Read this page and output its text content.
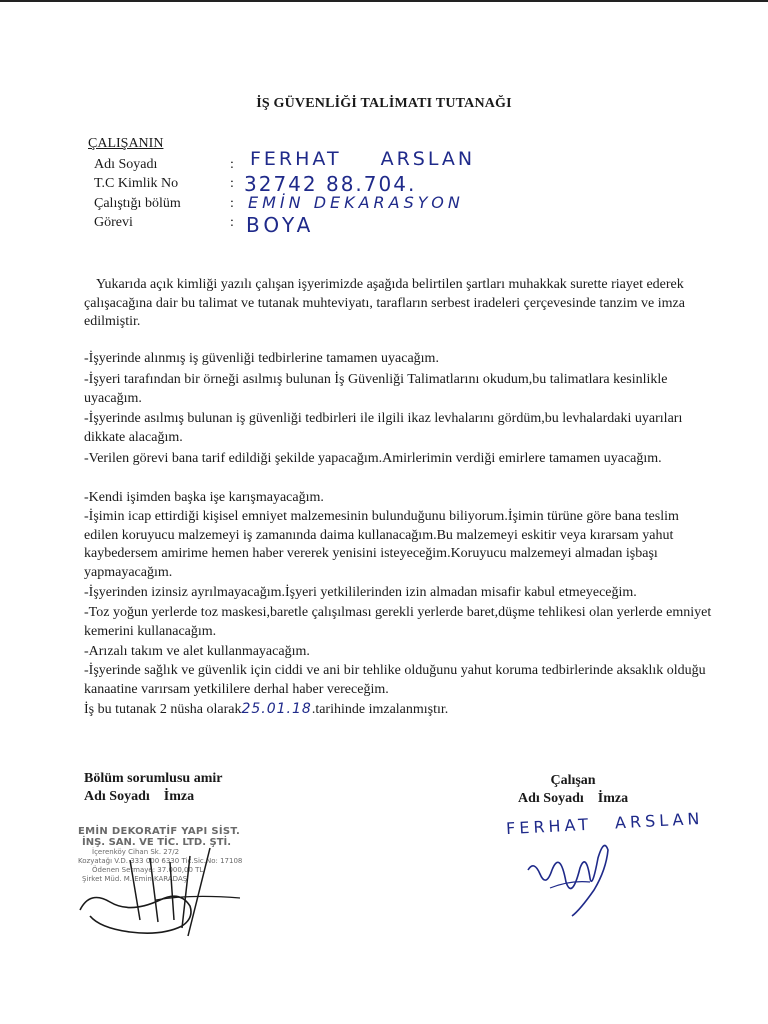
İŞ GÜVENLİĞİ TALİMATI TUTANAĞI
ÇALIŞANIN
Adı Soyadı	: FERHAT ARSLAN
T.C Kimlik No	: 32742 88.704.
Çalıştığı bölüm	: EMİN DEKARASYON
Görevi	: BOYA
Yukarıda açık kimliği yazılı çalışan işyerimizde aşağıda belirtilen şartları muhakkak surette riayet ederek çalışacağına dair bu talimat ve tutanak muhteviyatı, tarafların serbest iradeleri çerçevesinde tanzim ve imza edilmiştir.
-İşyerinde alınmış iş güvenliği tedbirlerine tamamen uyacağım.
-İşyeri tarafından bir örneği asılmış bulunan İş Güvenliği Talimatlarını okudum,bu talimatlara kesinlikle uyacağım.
-İşyerinde asılmış bulunan iş güvenliği tedbirleri ile ilgili ikaz levhalarını gördüm,bu levhalardaki uyarıları dikkate alacağım.
-Verilen görevi bana tarif edildiği şekilde yapacağım.Amirlerimin verdiği emirlere tamamen uyacağım.
-Kendi işimden başka işe karışmayacağım.
-İşimin icap ettirdiği kişisel emniyet malzemesinin bulunduğunu biliyorum.İşimin türüne göre bana teslim edilen koruyucu malzemeyi iş zamanında daima kullanacağım.Bu malzemeyi eskitir veya kırarsam yahut kaybedersem amirime hemen haber vererek yenisini isteyeceğim.Koruyucu malzemeyi almadan işbaşı yapmayacağım.
-İşyerinden izinsiz ayrılmayacağım.İşyeri yetkililerinden izin almadan misafir kabul etmeyeceğim.
-Toz yoğun yerlerde toz maskesi,baretle çalışılması gerekli yerlerde baret,düşme tehlikesi olan yerlerde emniyet kemerini kullanacağım.
-Arızalı takım ve alet kullanmayacağım.
-İşyerinde sağlık ve güvenlik için ciddi ve ani bir tehlike olduğunu yahut koruma tedbirlerinde aksaklık olduğu kanaatine varırsam yetkililere derhal haber vereceğim.
İş bu tutanak 2 nüsha olarak25.01.18.tarihinde imzalanmıştır.
Bölüm sorumlusu amir
Adı Soyadı    İmza
Çalışan
Adı Soyadı    İmza
FERHAT ARSLAN
EMİN DEKORATİF YAPI SİST.
İNŞ. SAN. VE TİC. LTD. ŞTİ.
İçerenköy Cihan Sk. 27/2
Kozyatağı V.D. 333 000 6330 Tic.Sic.No: 17108
Ödenen Sermaye: 37.000,00 TL
Şirket Müd. M. Emin KARADAŞ
